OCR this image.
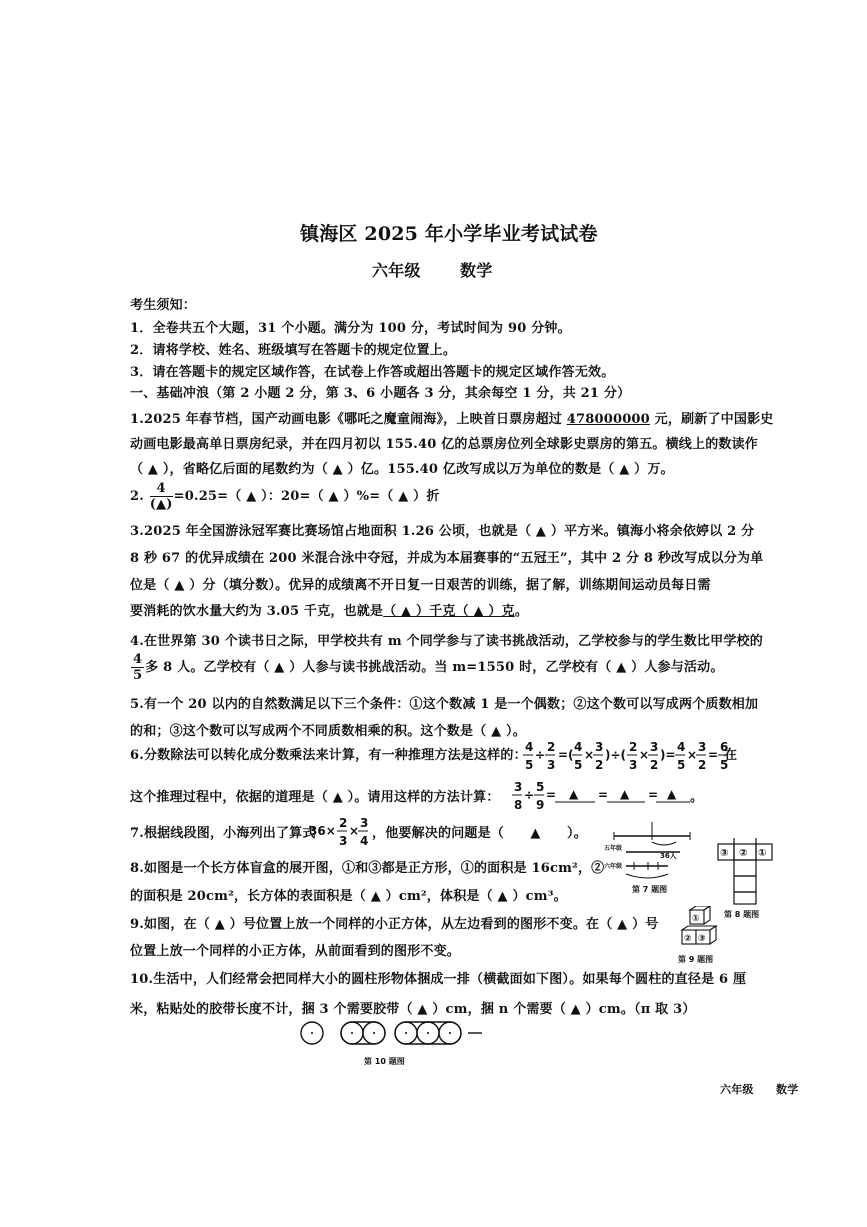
镇海区 2025 年小学毕业考试试卷
六年级 数学
考生须知：
1．全卷共五个大题，31 个小题。满分为 100 分，考试时间为 90 分钟。
2．请将学校、姓名、班级填写在答题卡的规定位置上。
3．请在答题卡的规定区域作答，在试卷上作答或超出答题卡的规定区域作答无效。
一、基础冲浪（第 2 小题 2 分，第 3、6 小题各 3 分，其余每空 1 分，共 21 分）
1.2025 年春节档，国产动画电影《哪吒之魔童闹海》，上映首日票房超过 478000000 元，刷新了中国影史
动画电影最高单日票房纪录，并在四月初以 155.40 亿的总票房位列全球影史票房的第五。横线上的数读作
（ ▲ ），省略亿后面的尾数约为（ ▲ ）亿。155.40 亿改写成以万为单位的数是（ ▲ ）万。
2. $\frac{4}{(▲)} =0.25=$（ ▲ ）：20=（ ▲ ）%=（ ▲ ）折
3.2025 年全国游泳冠军赛比赛场馆占地面积 1.26 公顷，也就是（ ▲ ）平方米。镇海小将余依婷以 2 分
8 秒 67 的优异成绩在 200 米混合泳中夺冠，并成为本届赛事的“五冠王”，其中 2 分 8 秒改写成以分为单
位是（ ▲ ）分（填分数）。优异的成绩离不开日复一日艰苦的训练，据了解，训练期间运动员每日需
要消耗的饮水量大约为 3.05 千克，也就是（ ▲ ）千克（ ▲ ）克。
4.在世界第 30 个读书日之际，甲学校共有 m 个同学参与了读书挑战活动，乙学校参与的学生数比甲学校的
$\frac{4}{5}$ 多 8 人。乙学校有（ ▲ ）人参与读书挑战活动。当 m=1550 时，乙学校有（ ▲ ）人参与活动。
5.有一个 20 以内的自然数满足以下三个条件：①这个数减 1 是一个偶数；②这个数可以写成两个质数相加
的和；③这个数可以写成两个不同质数相乘的积。这个数是（ ▲ ）。
6.分数除法可以转化成分数乘法来计算，有一种推理方法是这样的：
4
5
÷
2
3
=(
4
5
×
3
2
)÷(
2
3
×
3
2
)=
4
5
×
3
2
=
6
5
在
这个推理过程中，依据的道理是（ ▲ ）。请用这样的方法计算：
3
8
÷
5
9
= ▲ = ▲ = ▲ 。
7.根据线段图，小海列出了算式
36×
2
3
×
3
4 ，他要解决的问题是（　　▲　　）。
8.如图是一个长方体盲盒的展开图，①和③都是正方形，①的面积是 16cm²，②
的面积是 20cm²，长方体的表面积是（ ▲ ）cm²，体积是（ ▲ ）cm³。
9.如图，在（ ▲ ）号位置上放一个同样的小正方体，从左边看到的图形不变。在（ ▲ ）号
位置上放一个同样的小正方体，从前面看到的图形不变。
10.生活中，人们经常会把同样大小的圆柱形物体捆成一排（横截面如下图）。如果每个圆柱的直径是 6 厘
米，粘贴处的胶带长度不计，捆 3 个需要胶带（ ▲ ）cm，捆 n 个需要（ ▲ ）cm。（π 取 3）
36人
五年级
六年级
第 7 题图
③ ② ①
第 8 题图
①
② ③
第 9 题图
第 10 题图
六年级 数学
